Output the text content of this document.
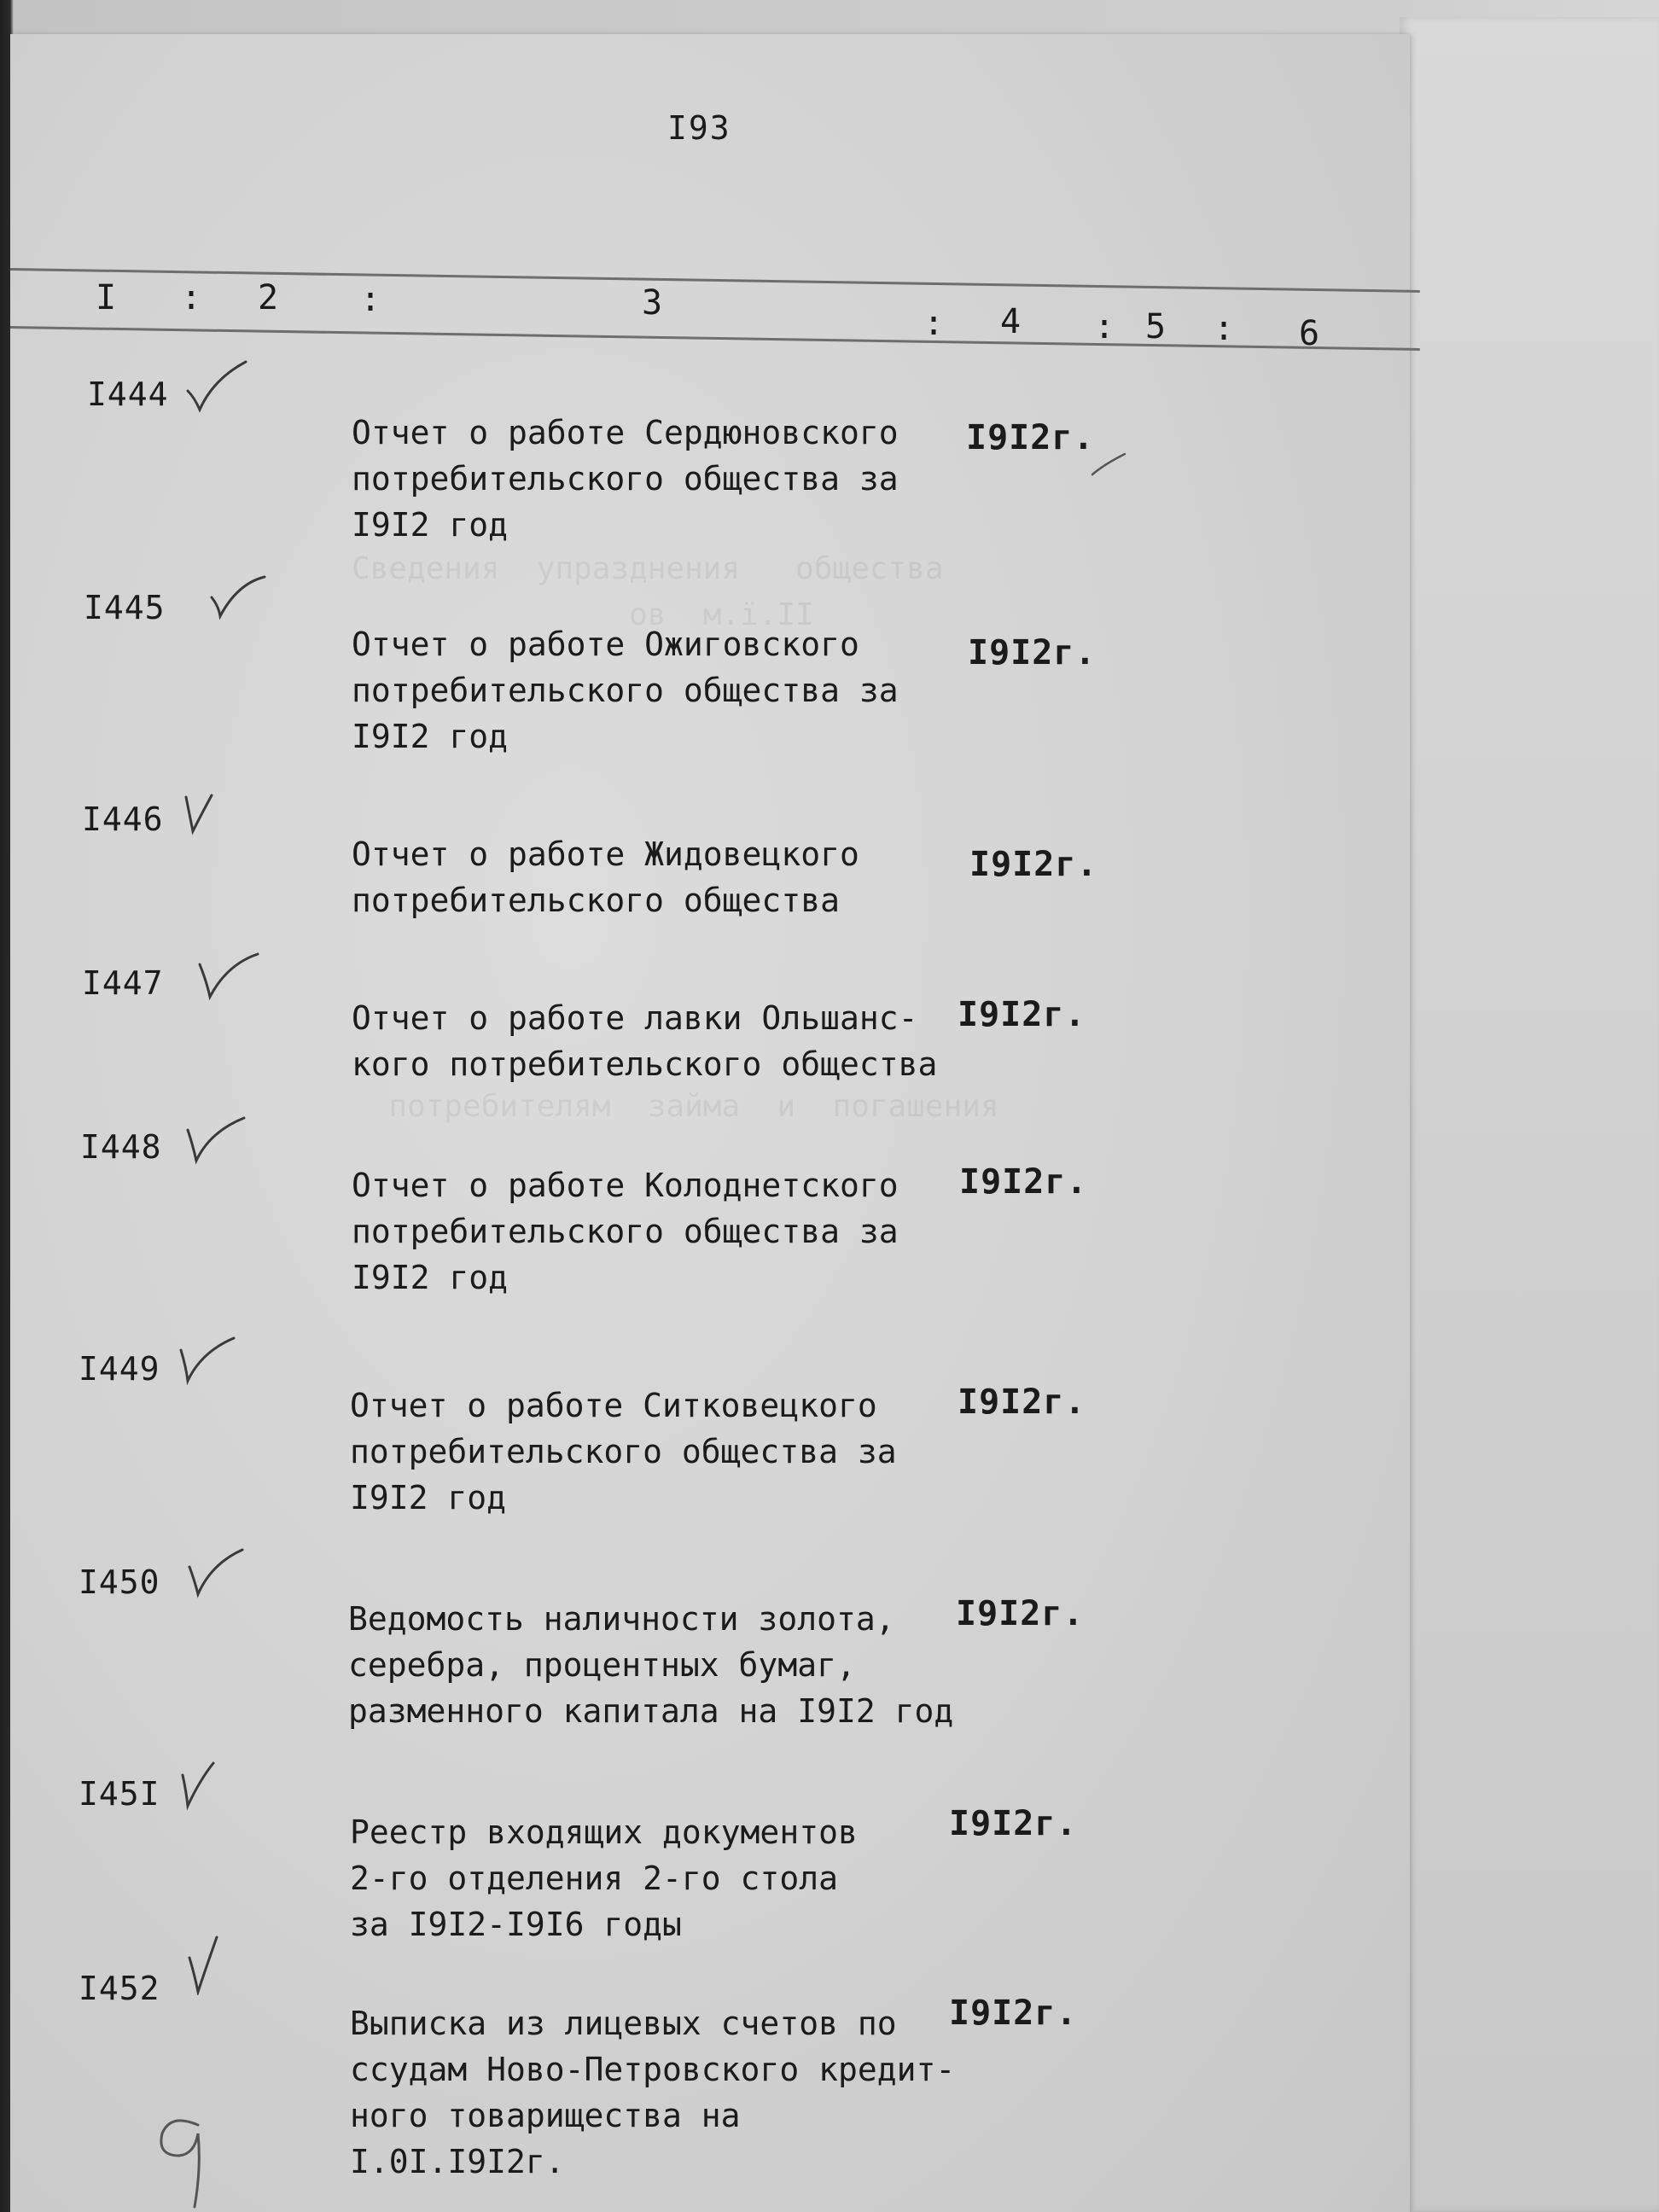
Сведения  упразднения   общества
ов  м.ї.ІІ
потребителям  займа  и  погашения
I93
I : 2 :	3
: 4 : 5 : 6
I444
Отчет о работе Сердюновского
потребительского общества за
I9I2 год
I9I2г.
I445
Отчет о работе Ожиговского
потребительского общества за
I9I2 год
I9I2г.
I446
Отчет о работе Жидовецкого
потребительского общества
I9I2г.
I447
Отчет о работе лавки Ольшанс-
кого потребительского общества
I9I2г.
I448
Отчет о работе Колоднетского
потребительского общества за
I9I2 год
I9I2г.
I449
Отчет о работе Ситковецкого
потребительского общества за
I9I2 год
I9I2г.
I450
Ведомость наличности золота,
серебра, процентных бумаг,
разменного капитала на I9I2 год
I9I2г.
I45I
Реестр входящих документов
2-го отделения 2-го стола
за I9I2-I9I6 годы
I9I2г.
I452
Выписка из лицевых счетов по
ссудам Ново-Петровского кредит-
ного товарищества на I.0I.I9I2г.
I9I2г.
